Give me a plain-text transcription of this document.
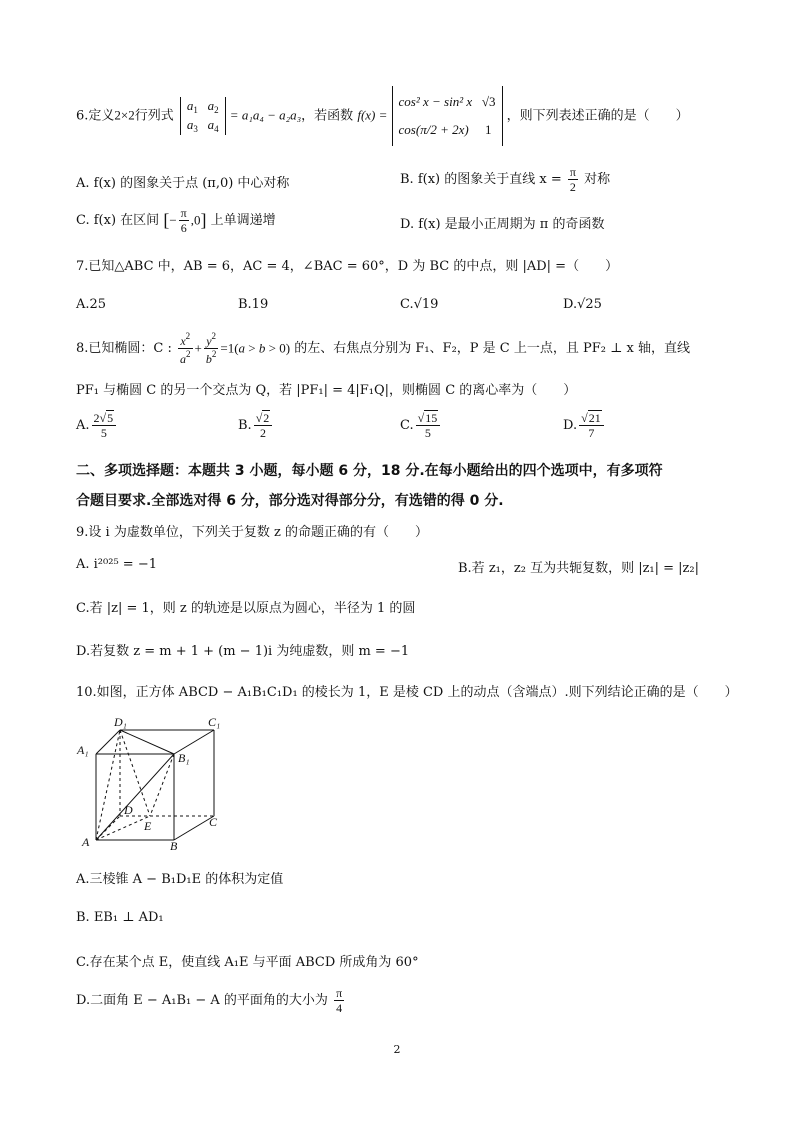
6.定义2×2行列式 $a_1$   $a_2$
$a_3$   $a_4 = a_1a_4 - a_2a_3$，若函数 f(x) =
cos² x − sin² x √3
cos(π/2 + 2x) 1
，则下列表述正确的是（　　）
A. f(x) 的图象关于点 (π,0) 中心对称	B. f(x) 的图象关于直线 $x = \frac{\pi}{2}$ 对称
C. f(x) 在区间 [− $\frac{\pi}{6} ,0$] 上单调递增	D. f(x) 是最小正周期为 π 的奇函数
7.已知△ABC 中，AB = 6，AC = 4，∠BAC = 60°，D 为 BC 的中点，则 |AD| =（　　）
A.25	B.19	C.√19	D.√25
8.已知椭圆：C : $\frac{x^2}{a^2} + \frac{y^2}{b^2} =1(a > b > 0)$ 的左、右焦点分别为 F₁、F₂，P 是 C 上一点，且 PF₂ ⊥ x 轴，直线
PF₁ 与椭圆 C 的另一个交点为 Q，若 |PF₁| = 4|F₁Q|，则椭圆 C 的离心率为（　　）
A. $\frac{2√5}{5}$	B. $\frac{√2}{2}$	C. $\frac{√15}{5}$	D. $\frac{√21}{7}$
二、多项选择题：本题共 3 小题，每小题 6 分，18 分.在每小题给出的四个选项中，有多项符
合题目要求.全部选对得 6 分，部分选对得部分分，有选错的得 0 分.
9.设 i 为虚数单位，下列关于复数 z 的命题正确的有（　　）
A. i²⁰²⁵ = −1	B.若 z₁，z₂ 互为共轭复数，则 |z₁| = |z₂|
C.若 |z| = 1，则 z 的轨迹是以原点为圆心，半径为 1 的圆
D.若复数 z = m + 1 + (m − 1)i 为纯虚数，则 m = −1
10.如图，正方体 ABCD − A₁B₁C₁D₁ 的棱长为 1，E 是棱 CD 上的动点（含端点）.则下列结论正确的是（　　）
D₁	C₁
A₁
B₁
D
E	C
A	B
A.三棱锥 A − B₁D₁E 的体积为定值
B. EB₁ ⊥ AD₁
C.存在某个点 E，使直线 A₁E 与平面 ABCD 所成角为 60°
D.二面角 E − A₁B₁ − A 的平面角的大小为 $\frac{\pi}{4}$
2
